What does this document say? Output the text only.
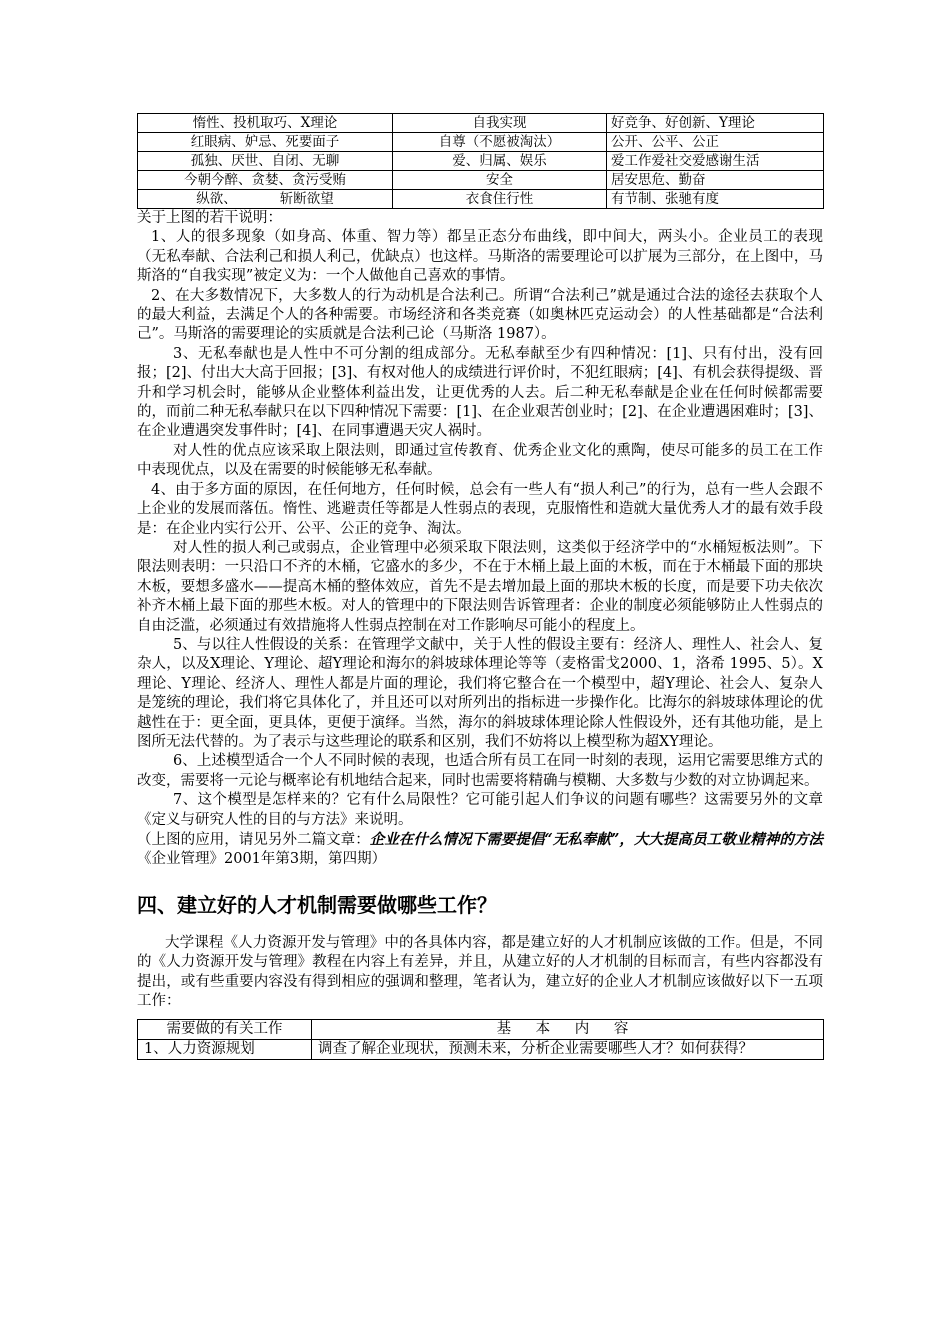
惰性、投机取巧、X理论	自我实现	好竞争、好创新、Y理论
红眼病、妒忌、死要面子	自尊（不愿被淘汰）	公开、公平、公正
孤独、厌世、自闭、无聊	爱、归属、娱乐	爱工作爱社交爱感谢生活
今朝今醉、贪婪、贪污受贿	安全	居安思危、勤奋
纵欲、          斩断欲望	衣食住行性	有节制、张驰有度

关于上图的若干说明：

1、人的很多现象（如身高、体重、智力等）都呈正态分布曲线，即中间大，两头小。企业员工的表现（无私奉献、合法利己和损人利己，优缺点）也这样。马斯洛的需要理论可以扩展为三部分，在上图中，马斯洛的“自我实现”被定义为：一个人做他自己喜欢的事情。

2、在大多数情况下，大多数人的行为动机是合法利己。所谓“合法利己”就是通过合法的途径去获取个人的最大利益，去满足个人的各种需要。市场经济和各类竞赛（如奥林匹克运动会）的人性基础都是“合法利己”。马斯洛的需要理论的实质就是合法利己论（马斯洛 1987）。

3、无私奉献也是人性中不可分割的组成部分。无私奉献至少有四种情况：[1]、只有付出，没有回报；[2]、付出大大高于回报；[3]、有权对他人的成绩进行评价时，不犯红眼病；[4]、有机会获得提级、晋升和学习机会时，能够从企业整体利益出发，让更优秀的人去。后二种无私奉献是企业在任何时候都需要的，而前二种无私奉献只在以下四种情况下需要：[1]、在企业艰苦创业时；[2]、在企业遭遇困难时；[3]、在企业遭遇突发事件时；[4]、在同事遭遇天灾人祸时。

对人性的优点应该采取上限法则，即通过宣传教育、优秀企业文化的熏陶，使尽可能多的员工在工作中表现优点，以及在需要的时候能够无私奉献。

4、由于多方面的原因，在任何地方，任何时候，总会有一些人有“损人利己”的行为，总有一些人会跟不上企业的发展而落伍。惰性、逃避责任等都是人性弱点的表现，克服惰性和造就大量优秀人才的最有效手段是：在企业内实行公开、公平、公正的竞争、淘汰。

对人性的损人利己或弱点，企业管理中必须采取下限法则，这类似于经济学中的“水桶短板法则”。下限法则表明：一只沿口不齐的木桶，它盛水的多少，不在于木桶上最上面的木板，而在于木桶最下面的那块木板，要想多盛水——提高木桶的整体效应，首先不是去增加最上面的那块木板的长度，而是要下功夫依次补齐木桶上最下面的那些木板。对人的管理中的下限法则告诉管理者：企业的制度必须能够防止人性弱点的自由泛滥，必须通过有效措施将人性弱点控制在对工作影响尽可能小的程度上。

5、与以往人性假设的关系：在管理学文献中，关于人性的假设主要有：经济人、理性人、社会人、复杂人，以及X理论、Y理论、超Y理论和海尔的斜坡球体理论等等（麦格雷戈2000、1，洛希 1995、5）。X理论、Y理论、经济人、理性人都是片面的理论，我们将它整合在一个模型中，超Y理论、社会人、复杂人是笼统的理论，我们将它具体化了，并且还可以对所列出的指标进一步操作化。比海尔的斜坡球体理论的优越性在于：更全面，更具体，更便于演绎。当然，海尔的斜坡球体理论除人性假设外，还有其他功能，是上图所无法代替的。为了表示与这些理论的联系和区别，我们不妨将以上模型称为超XY理论。

6、上述模型适合一个人不同时候的表现，也适合所有员工在同一时刻的表现，运用它需要思维方式的改变，需要将一元论与概率论有机地结合起来，同时也需要将精确与模糊、大多数与少数的对立协调起来。

7、这个模型是怎样来的？它有什么局限性？它可能引起人们争议的问题有哪些？这需要另外的文章《定义与研究人性的目的与方法》来说明。

（上图的应用，请见另外二篇文章：企业在什么情况下需要提倡“无私奉献”，大大提高员工敬业精神的方法 《企业管理》2001年第3期，第四期）

四、建立好的人才机制需要做哪些工作？

大学课程《人力资源开发与管理》中的各具体内容，都是建立好的人才机制应该做的工作。但是，不同的《人力资源开发与管理》教程在内容上有差异，并且，从建立好的人才机制的目标而言，有些内容都没有提出，或有些重要内容没有得到相应的强调和整理，笔者认为，建立好的企业人才机制应该做好以下一五项工作：

需要做的有关工作	基 本 内 容
1、人力资源规划	调查了解企业现状，预测未来，分析企业需要哪些人才？如何获得？
